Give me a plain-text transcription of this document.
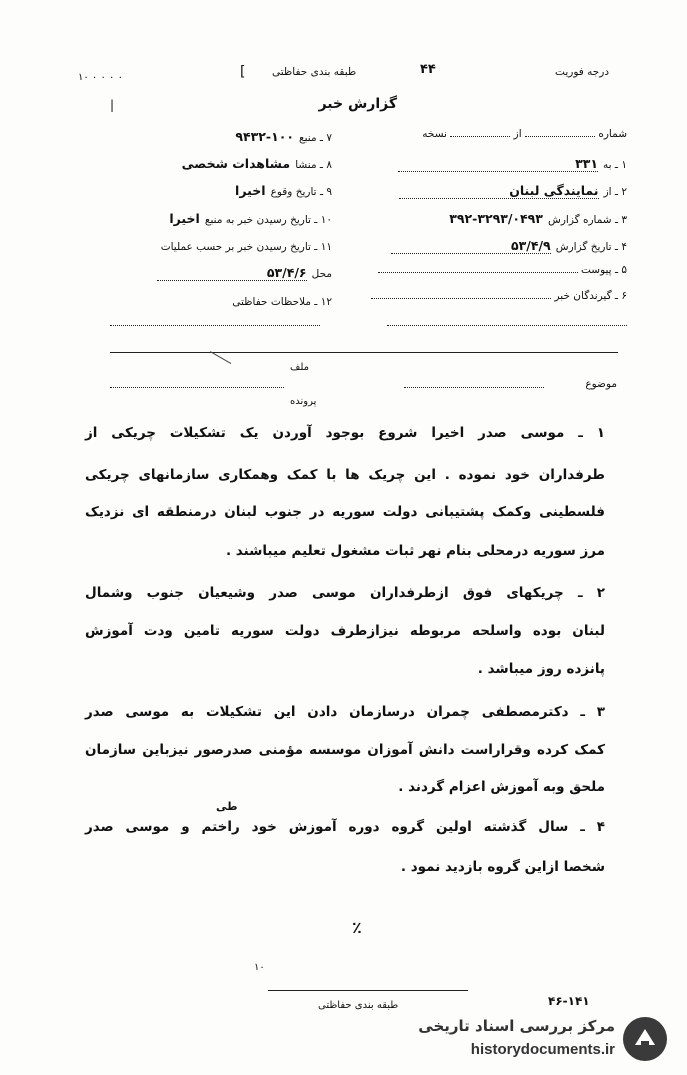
درجه فوریت
طبقه بندی حفاظتی	۴۴
[
۱۰ ۰ ۰ ۰ ۰
گزارش خبر
|
شماره  از  نسخه
۱ ـ به ۳۳۱
۲ ـ از نمایندگی لبنان
۳ ـ شماره گزارش ۳۲۹۳/۰۴۹۳-۳۹۲
۴ ـ تاریخ گزارش ۵۳/۴/۹
۵ ـ پیوست
۶ ـ گیرندگان خبر
۷ ـ منبع ۱۰۰-۹۴۳۲
۸ ـ منشا مشاهدات شخصی
۹ ـ تاریخ وقوع اخیرا
۱۰ ـ تاریخ رسیدن خبر به منبع اخیرا
۱۱ ـ تاریخ رسیدن خبر بر حسب عملیات
محل ۵۳/۴/۶
۱۲ ـ ملاحظات حفاظتی
ملف
پرونده
موضوع
۱ ـ موسی صدر اخیرا شروع بوجود آوردن یک تشکیلات چریکی از
طرفداران خود نموده . این چریک ها با کمک وهمکاری سازمانهای چریکی
فلسطینی وکمک پشتیبانی دولت سوریه در جنوب لبنان درمنطقه ای نزدیک
مرز سوریه درمحلی بنام نهر ثبات مشغول تعلیم میباشند .
۲ ـ چریکهای فوق ازطرفداران موسی صدر وشیعیان جنوب وشمال
لبنان بوده واسلحه مربوطه نیزازطرف دولت سوریه تامین ودت آموزش
پانزده روز میباشد .
۳ ـ دکترمصطفی چمران درسازمان دادن این تشکیلات به موسی صدر
کمک کرده وقراراست دانش آموزان موسسه مؤمنی صدرصور نیزباین سازمان
ملحق وبه آموزش اعزام گردند .
طی
۴ ـ سال گذشته اولین گروه دوره آموزش خود راختم و موسی صدر
شخصا ازاین گروه بازدید نمود .
٪
۱۰
طبقه بندی حفاظتی	۴۶-۱۴۱
مرکز بررسی اسناد تاریخی
historydocuments.ir
